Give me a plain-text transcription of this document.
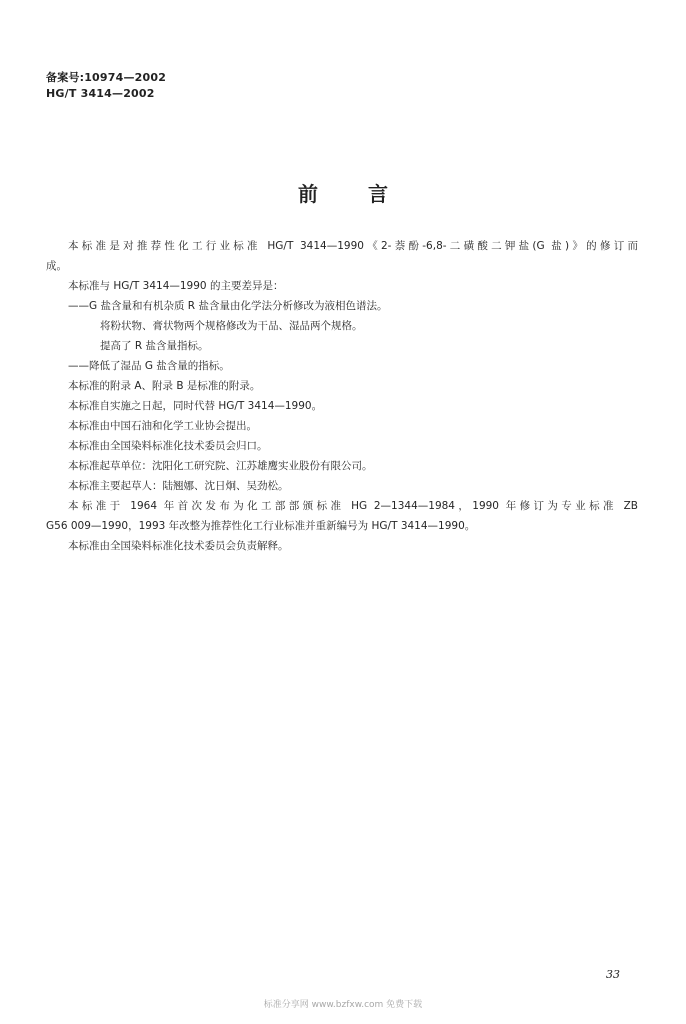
备案号:10974—2002
HG/T 3414—2002
前言
本标准是对推荐性化工行业标准 HG/T 3414—1990《2-萘酚-6,8-二磺酸二钾盐(G 盐)》的修订而
成。
本标准与 HG/T 3414—1990 的主要差异是：
——G 盐含量和有机杂质 R 盐含量由化学法分析修改为液相色谱法。
将粉状物、膏状物两个规格修改为干品、湿品两个规格。
提高了 R 盐含量指标。
——降低了湿品 G 盐含量的指标。
本标准的附录 A、附录 B 是标准的附录。
本标准自实施之日起，同时代替 HG/T 3414—1990。
本标准由中国石油和化学工业协会提出。
本标准由全国染料标准化技术委员会归口。
本标准起草单位：沈阳化工研究院、江苏雄鹰实业股份有限公司。
本标准主要起草人：陆翘娜、沈日炯、吴劲松。
本标准于 1964 年首次发布为化工部部颁标准 HG 2—1344—1984，1990 年修订为专业标准 ZB
G56 009—1990，1993 年改整为推荐性化工行业标准并重新编号为 HG/T 3414—1990。
本标准由全国染料标准化技术委员会负责解释。
33
标准分享网 www.bzfxw.com 免费下载
